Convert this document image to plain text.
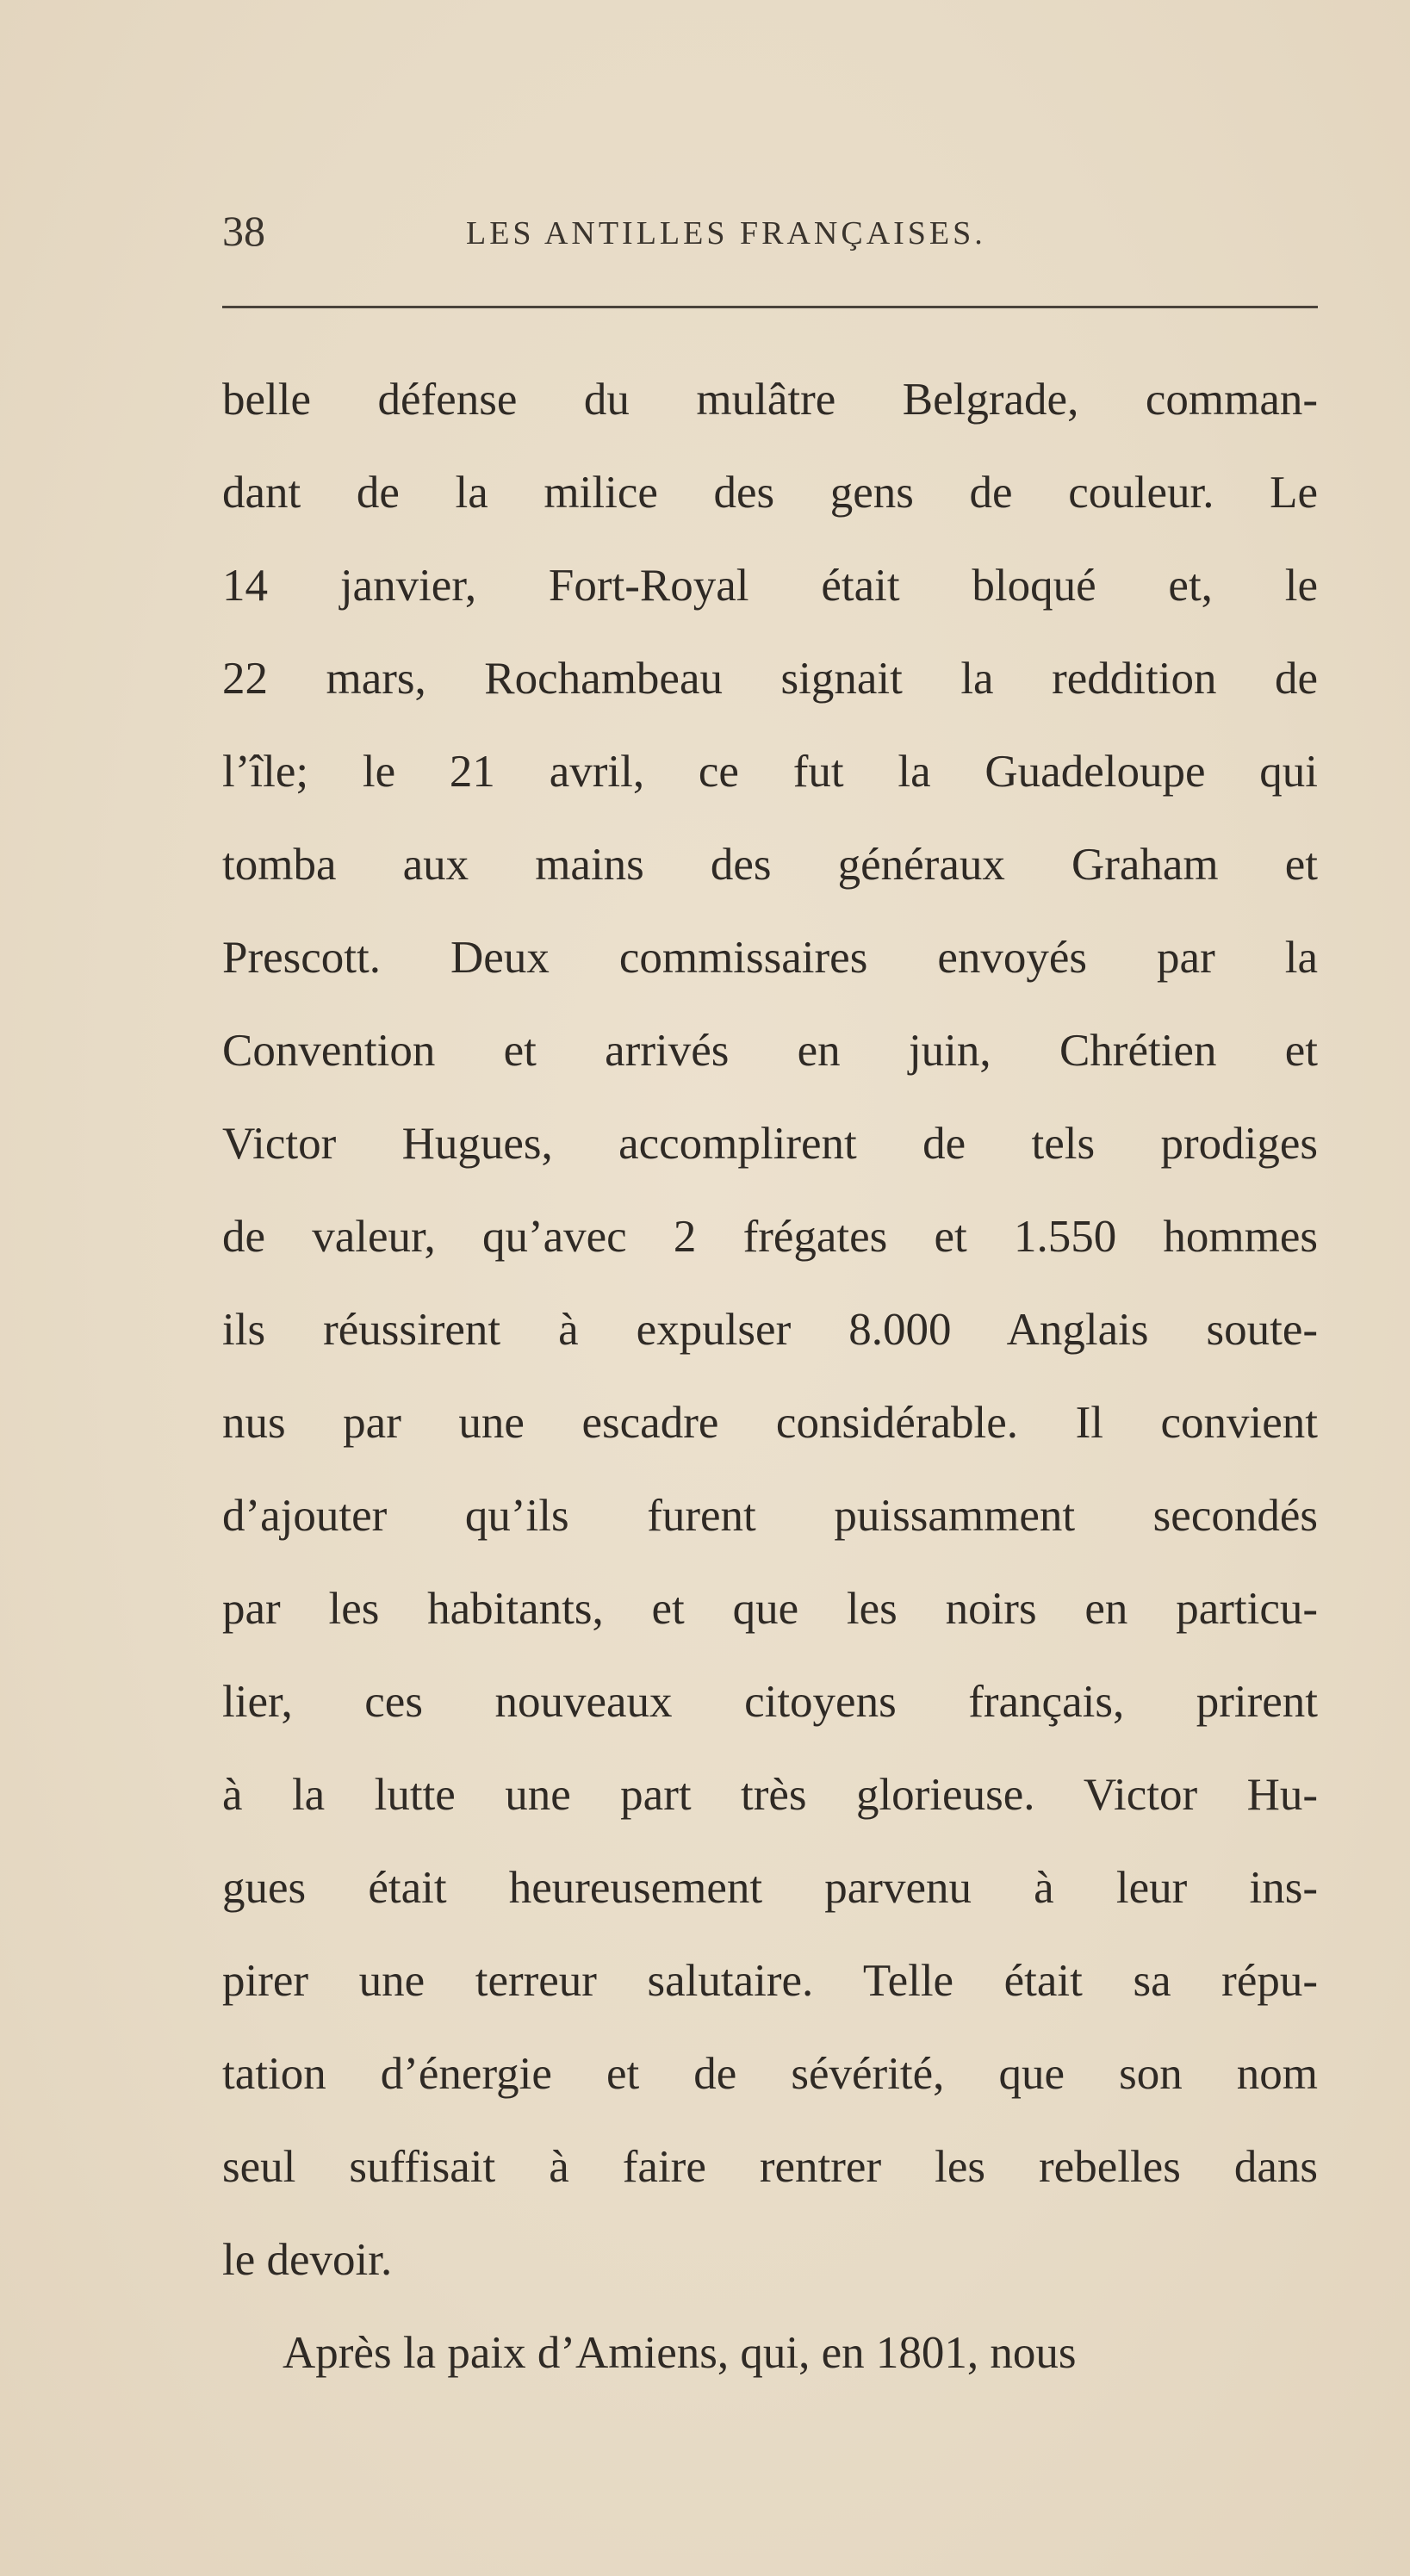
38	LES ANTILLES FRANÇAISES.
belle défense du mulâtre Belgrade, comman-
dant de la milice des gens de couleur. Le
14 janvier, Fort-Royal était bloqué et, le
22 mars, Rochambeau signait la reddition de
l’île; le 21 avril, ce fut la Guadeloupe qui
tomba aux mains des généraux Graham et
Prescott. Deux commissaires envoyés par la
Convention et arrivés en juin, Chrétien et
Victor Hugues, accomplirent de tels prodiges
de valeur, qu’avec 2 frégates et 1.550 hommes
ils réussirent à expulser 8.000 Anglais soute-
nus par une escadre considérable. Il convient
d’ajouter qu’ils furent puissamment secondés
par les habitants, et que les noirs en particu-
lier, ces nouveaux citoyens français, prirent
à la lutte une part très glorieuse. Victor Hu-
gues était heureusement parvenu à leur ins-
pirer une terreur salutaire. Telle était sa répu-
tation d’énergie et de sévérité, que son nom
seul suffisait à faire rentrer les rebelles dans
le devoir.
Après la paix d’Amiens, qui, en 1801, nous
